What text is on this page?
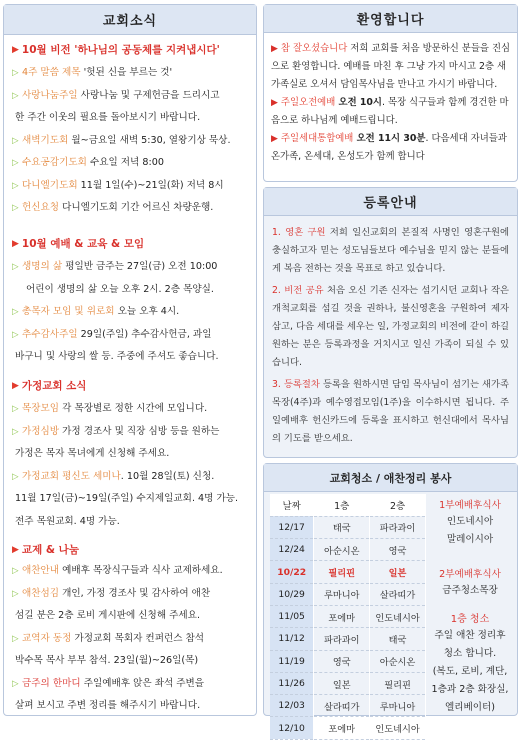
교회소식
▶ 10월 비전 '하나님의 공동체를 지켜냅시다'
▷ 4주 말씀 제목 '헛된 신을 부르는 것'
▷ 사랑나눔주일 사랑나눔 및 구제헌금을 드리시고
한 주간 이웃의 필요를 돌아보시기 바랍니다.
▷ 새벽기도회 월~금요일 새벽 5:30, 열왕기상 묵상.
▷ 수요공감기도회 수요일 저녁 8:00
▷ 다니엘기도회 11월 1일(수)~21일(화) 저녁 8시
▷ 헌신요청 다니엘기도회 기간 어르신 차량운행.
▶ 10월 예배 & 교육 & 모임
▷ 생명의 삶 평일반 금주는 27일(금) 오전 10:00
어린이 생명의 삶 오늘 오후 2시. 2층 목양실.
▷ 총목자 모임 및 위로회 오늘 오후 4시.
▷ 추수감사주일 29일(주일) 추수감사헌금, 과일
바구니 및 사랑의 쌀 등. 주중에 주셔도 좋습니다.
▶ 가정교회 소식
▷ 목장모임 각 목장별로 정한 시간에 모입니다.
▷ 가정심방 가정 경조사 및 직장 심방 등을 원하는
가정은 목자 목녀에게 신청해 주세요.
▷ 가정교회 평신도 세미나. 10월 28일(토) 신청.
11월 17일(금)~19일(주일) 수지제일교회. 4명 가능.
전주 목원교회. 4명 가능.
▶ 교제 & 나눔
▷ 애찬안내 예배후 목장식구들과 식사 교제하세요.
▷ 애찬섬김 개인, 가정 경조사 및 감사하여 애찬
섬길 분은 2층 로비 게시판에 신청해 주세요.
▷ 교역자 동정 가정교회 목회자 컨퍼런스 참석
박수목 목사 부부 참석. 23일(월)~26일(목)
▷ 금주의 한마디 주일예배후 앉은 좌석 주변을
살펴 보시고 주변 정리를 해주시기 바랍니다.
환영합니다

▶ 참 잘오셨습니다 저희 교회를 처음 방문하신 분들을 진심으로 환영합니다. 예배를 마친 후 그냥 가지 마시고 2층 새가족실로 오셔서 담임목사님을 만나고 가시기 바랍니다.

▶ 주일오전예배 오전 10시. 목장 식구들과 함께 경건한 마음으로 하나님께 예배드립니다.

▶ 주일세대통합예배 오전 11시 30분. 다음세대 자녀들과 온가족, 온세대, 온성도가 함께 합니다

등록안내

1. 영혼 구원 저희 일신교회의 본질적 사명인 영혼구원에 충실하고자 믿는 성도님들보다 예수님을 믿지 않는 분들에게 복음 전하는 것을 목표로 하고 있습니다.

2. 비전 공유 처음 오신 기존 신자는 섬기시던 교회나 작은 개척교회를 섬길 것을 권하나, 불신영혼을 구원하여 제자 삼고, 다음 세대를 세우는 일, 가정교회의 비전에 같이 하길 원하는 분은 등록과정을 거치시고 일신 가족이 되실 수 있습니다.

3. 등록절차 등록을 원하시면 담임 목사님이 섬기는 새가족목장(4주)과 예수영접모임(1주)을 이수하시면 됩니다. 주일예배후 헌신카드에 등록을 표시하고 헌신대에서 목사님의 기도를 받으세요.

교회청소 / 애찬정리 봉사
날짜	1층	2층
12/17	태국	파라과이
12/24	아순시온	영국
10/22	필리핀	일본
10/29	루마니아	살라띠가
11/05	포에마	인도네시아
11/12	파라과이	태국
11/19	영국	아순시온
11/26	일본	필리핀
12/03	살라띠가	루마니아
12/10	포에마	인도네시아
1부예배후식사
인도네시아
말레이시아
2부예배후식사
금주청소목장
1층 청소
주일 애찬 정리후
청소 합니다.
(복도, 로비, 계단,
1층과 2층 화장실,
엘리베이터)
